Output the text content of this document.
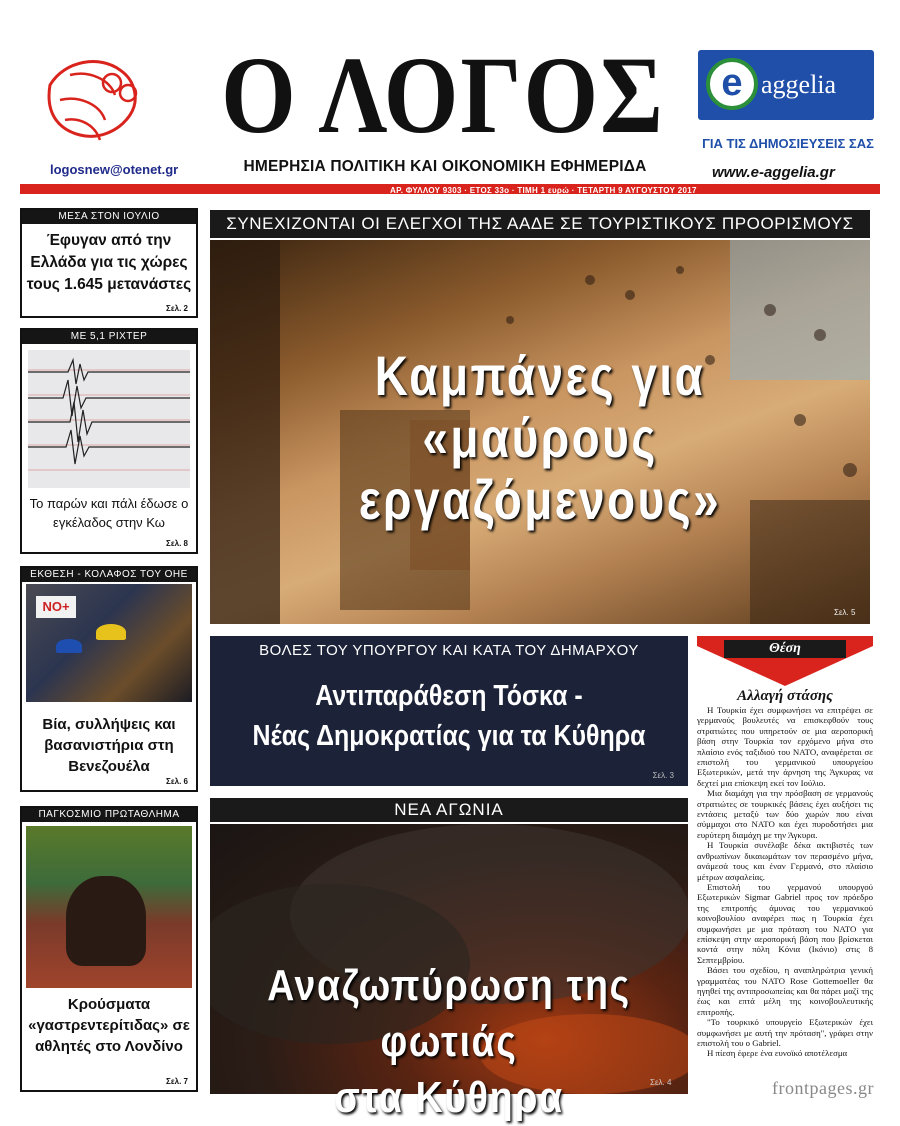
logosnew@otenet.gr
Ο ΛΟΓΟΣ
ΗΜΕΡΗΣΙΑ ΠΟΛΙΤΙΚΗ ΚΑΙ ΟΙΚΟΝΟΜΙΚΗ ΕΦΗΜΕΡΙΔΑ
e aggelia
ΓΙΑ ΤΙΣ ΔΗΜΟΣΙΕΥΣΕΙΣ ΣΑΣ
www.e-aggelia.gr
ΑΡ. ΦΥΛΛΟΥ 9303 · ΕΤΟΣ 33ο · ΤΙΜΗ 1 ευρώ · ΤΕΤΑΡΤΗ 9 ΑΥΓΟΥΣΤΟΥ 2017
ΜΕΣΑ ΣΤΟΝ ΙΟΥΛΙΟ
Έφυγαν από την Ελλάδα για τις χώρες τους 1.645 μετανάστες
Σελ. 2
ΜΕ 5,1 ΡΙΧΤΕΡ
Το παρών και πάλι έδωσε ο εγκέλαδος στην Κω
Σελ. 8
ΕΚΘΕΣΗ - ΚΟΛΑΦΟΣ ΤΟΥ ΟΗΕ
NO+
Βία, συλλήψεις και βασανιστήρια στη Βενεζουέλα
Σελ. 6
ΠΑΓΚΟΣΜΙΟ ΠΡΩΤΑΘΛΗΜΑ
Κρούσματα «γαστρεντερίτιδας» σε αθλητές στο Λονδίνο
Σελ. 7
ΣΥΝΕΧΙΖΟΝΤΑΙ ΟΙ ΕΛΕΓΧΟΙ ΤΗΣ ΑΑΔΕ ΣΕ ΤΟΥΡΙΣΤΙΚΟΥΣ ΠΡΟΟΡΙΣΜΟΥΣ
Καμπάνες για «μαύρους
εργαζόμενους»
Σελ. 5
ΒΟΛΕΣ ΤΟΥ ΥΠΟΥΡΓΟΥ ΚΑΙ ΚΑΤΑ ΤΟΥ ΔΗΜΑΡΧΟΥ
Αντιπαράθεση Τόσκα -
Νέας Δημοκρατίας για τα Κύθηρα
Σελ. 3
ΝΕΑ ΑΓΩΝΙΑ
Αναζωπύρωση της φωτιάς
στα Κύθηρα	Σελ. 4
Θέση
Αλλαγή στάσης

Η Τουρκία έχει συμφωνήσει να επιτρέψει σε γερμανούς βουλευτές να επισκεφθούν τους στρατιώτες που υπηρετούν σε μια αεροπορική βάση στην Τουρκία τον ερχόμενο μήνα στο πλαίσιο ενός ταξιδιού του ΝΑΤΟ, αναφέρεται σε επιστολή του γερμανικού υπουργείου Εξωτερικών, μετά την άρνηση της Άγκυρας να δεχτεί μια επίσκεψη εκεί τον Ιούλιο.

Μια διαμάχη για την πρόσβαση σε γερμανούς στρατιώτες σε τουρκικές βάσεις έχει αυξήσει τις εντάσεις μεταξύ των δύο χωρών που είναι σύμμαχοι στο ΝΑΤΟ και έχει πυροδοτήσει μια ευρύτερη διαμάχη με την Άγκυρα.

Η Τουρκία συνέλαβε δέκα ακτιβιστές των ανθρωπίνων δικαιωμάτων τον περασμένο μήνα, ανάμεσά τους και έναν Γερμανό, στο πλαίσιο μέτρων ασφαλείας.

Επιστολή του γερμανού υπουργού Εξωτερικών Sigmar Gabriel προς τον πρόεδρο της επιτροπής άμυνας του γερμανικού κοινοβουλίου αναφέρει πως η Τουρκία έχει συμφωνήσει με μια πρόταση του ΝΑΤΟ για επίσκεψη στην αεροπορική βάση που βρίσκεται κοντά στην πόλη Κόνια (Ικόνιο) στις 8 Σεπτεμβρίου.

Βάσει του σχεδίου, η αναπληρώτρια γενική γραμματέας του ΝΑΤΟ Rose Gottemoeller θα ηγηθεί της αντιπροσωπείας και θα πάρει μαζί της έως και επτά μέλη της κοινοβουλευτικής επιτροπής.

"Το τουρκικό υπουργείο Εξωτερικών έχει συμφωνήσει με αυτή την πρόταση", γράφει στην επιστολή του ο Gabriel.

Η πίεση έφερε ένα ευνοϊκό αποτέλεσμα

frontpages.gr
